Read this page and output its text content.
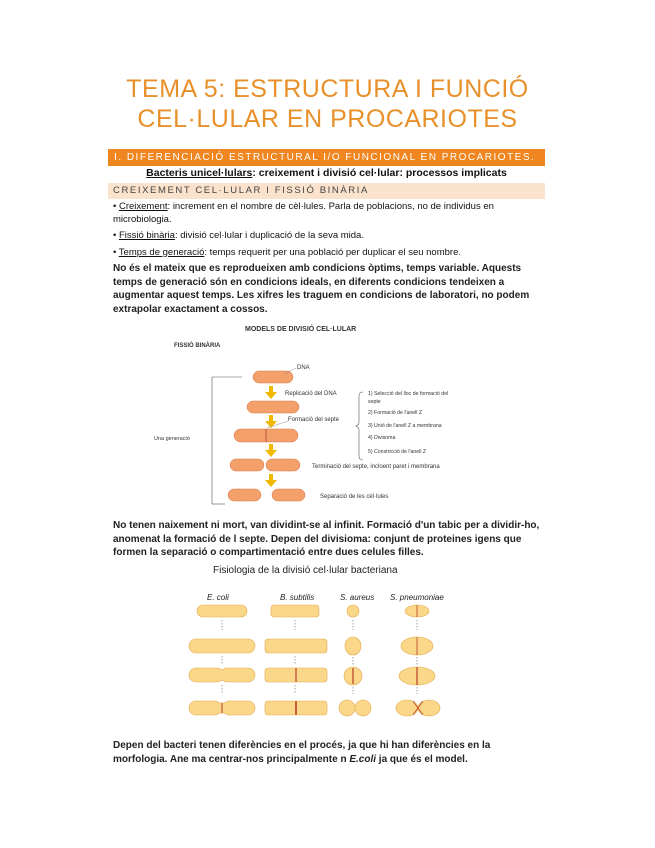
TEMA 5: ESTRUCTURA I FUNCIÓ
CEL·LULAR EN PROCARIOTES
I. DIFERENCIACIÓ ESTRUCTURAL I/O FUNCIONAL EN PROCARIOTES.
Bacteris unicel·lulars: creixement i divisió cel·lular: processos implicats
CREIXEMENT CEL·LULAR I FISSIÓ BINÀRIA

• Creixement: increment en el nombre de cèl·lules. Parla de poblacions, no de individus en microbiologia.

• Fissió binària: divisió cel·lular i duplicació de la seva mida.

• Temps de generació: temps requerit per una població per duplicar el seu nombre.

No és el mateix que es reprodueixen amb condicions òptims, temps variable. Aquests temps de generació són en condicions ideals, en diferents condicions tendeixen a augmentar aquest temps. Les xifres les traguem en condicions de laboratori, no podem extrapolar exactament a cossos.
MODELS DE DIVISIÓ CEL·LULAR
FISSIÓ BINÀRIA
Una generació
DNA
Replicació del DNA
Formació del septe
1) Selecció del lloc de formació del
septe
2) Formació de l'anell Z
3) Unió de l'anell Z a membrana
4) Divisoma
5) Constricció de l'anell Z
Terminació del septe, incloent paret i membrana
Separació de les cèl·lules
No tenen naixement ni mort, van dividint-se al infinit. Formació d'un tabic per a dividir-ho, anomenat la formació de l septe. Depen del divisioma: conjunt de proteines igens que formen la separació o compartimentació entre dues celules filles.
Fisiologia de la divisió cel·lular bacteriana
E. coli	B. subtilis	S. aureus S. pneumoniae
Depen del bacteri tenen diferències en el procés, ja que hi han diferències en la morfologia. Ane ma centrar-nos principalmente n E.coli ja que és el model.
